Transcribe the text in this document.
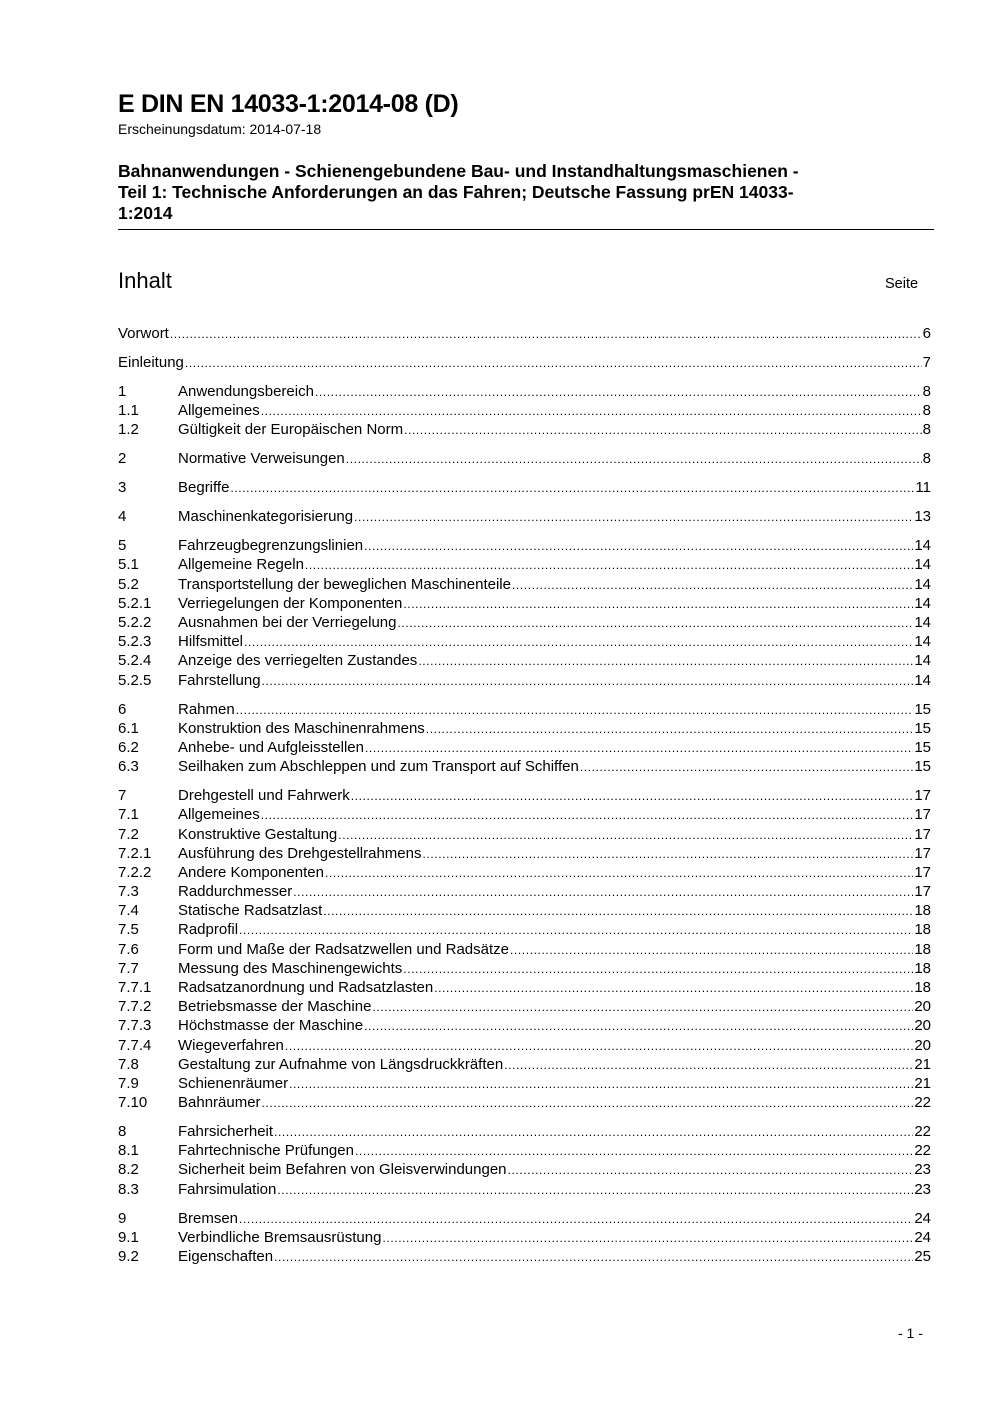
E DIN EN 14033-1:2014-08 (D)
Erscheinungsdatum: 2014-07-18
Bahnanwendungen - Schienengebundene Bau- und Instandhaltungsmaschienen -
Teil 1: Technische Anforderungen an das Fahren; Deutsche Fassung prEN 14033-
1:2014
Inhalt	Seite
Vorwort .....	6
Einleitung .....	7
1	Anwendungsbereich .....	8
1.1	Allgemeines .....	8
1.2	Gültigkeit der Europäischen Norm .....	8
2	Normative Verweisungen .....	8
3	Begriffe .....	11
4	Maschinenkategorisierung .....	13
5	Fahrzeugbegrenzungslinien .....	14
5.1	Allgemeine Regeln .....	14
5.2	Transportstellung der beweglichen Maschinenteile .....	14
5.2.1	Verriegelungen der Komponenten .....	14
5.2.2	Ausnahmen bei der Verriegelung .....	14
5.2.3	Hilfsmittel .....	14
5.2.4	Anzeige des verriegelten Zustandes .....	14
5.2.5	Fahrstellung .....	14
6	Rahmen .....	15
6.1	Konstruktion des Maschinenrahmens .....	15
6.2	Anhebe- und Aufgleisstellen .....	15
6.3	Seilhaken zum Abschleppen und zum Transport auf Schiffen .....	15
7	Drehgestell und Fahrwerk .....	17
7.1	Allgemeines .....	17
7.2	Konstruktive Gestaltung .....	17
7.2.1	Ausführung des Drehgestellrahmens .....	17
7.2.2	Andere Komponenten .....	17
7.3	Raddurchmesser .....	17
7.4	Statische Radsatzlast .....	18
7.5	Radprofil .....	18
7.6	Form und Maße der Radsatzwellen und Radsätze .....	18
7.7	Messung des Maschinengewichts .....	18
7.7.1	Radsatzanordnung und Radsatzlasten .....	18
7.7.2	Betriebsmasse der Maschine .....	20
7.7.3	Höchstmasse der Maschine .....	20
7.7.4	Wiegeverfahren .....	20
7.8	Gestaltung zur Aufnahme von Längsdruckkräften .....	21
7.9	Schienenräumer .....	21
7.10	Bahnräumer .....	22
8	Fahrsicherheit .....	22
8.1	Fahrtechnische Prüfungen .....	22
8.2	Sicherheit beim Befahren von Gleisverwindungen .....	23
8.3	Fahrsimulation .....	23
9	Bremsen .....	24
9.1	Verbindliche Bremsausrüstung .....	24
9.2	Eigenschaften .....	25
- 1 -
